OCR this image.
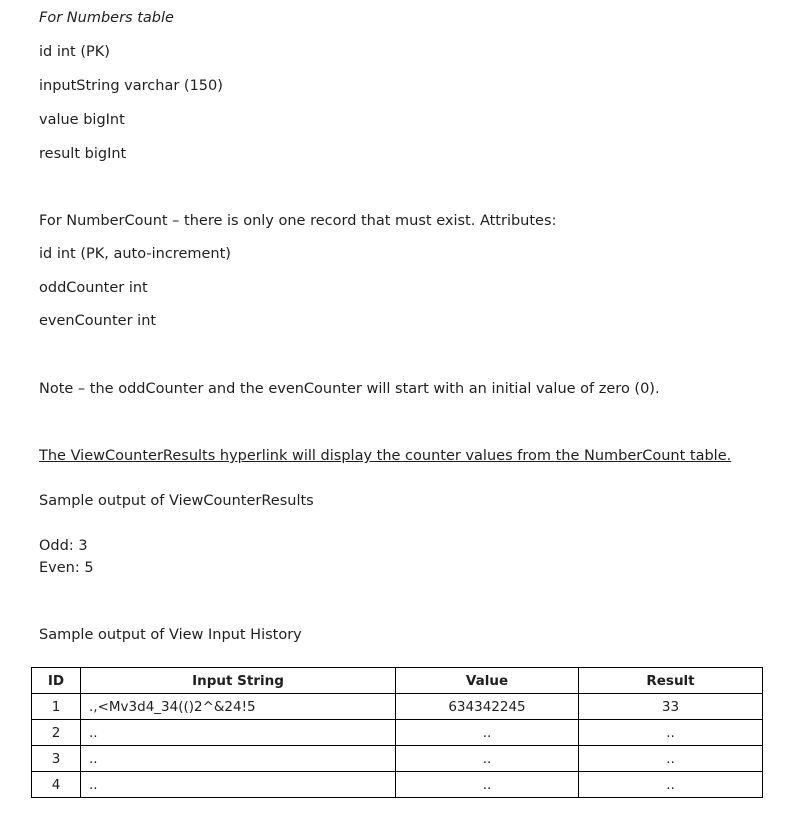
For Numbers table
id int (PK)
inputString varchar (150)
value bigInt
result bigInt
For NumberCount – there is only one record that must exist. Attributes:
id int (PK, auto-increment)
oddCounter int
evenCounter int
Note – the oddCounter and the evenCounter will start with an initial value of zero (0).
The ViewCounterResults hyperlink will display the counter values from the NumberCount table.
Sample output of ViewCounterResults
Odd: 3
Even: 5
Sample output of View Input History
ID	Input String	Value	Result
1	.,<Mv3d4_34(()2^&24!5	634342245	33
2	..	..	..
3	..	..	..
4	..	..	..
